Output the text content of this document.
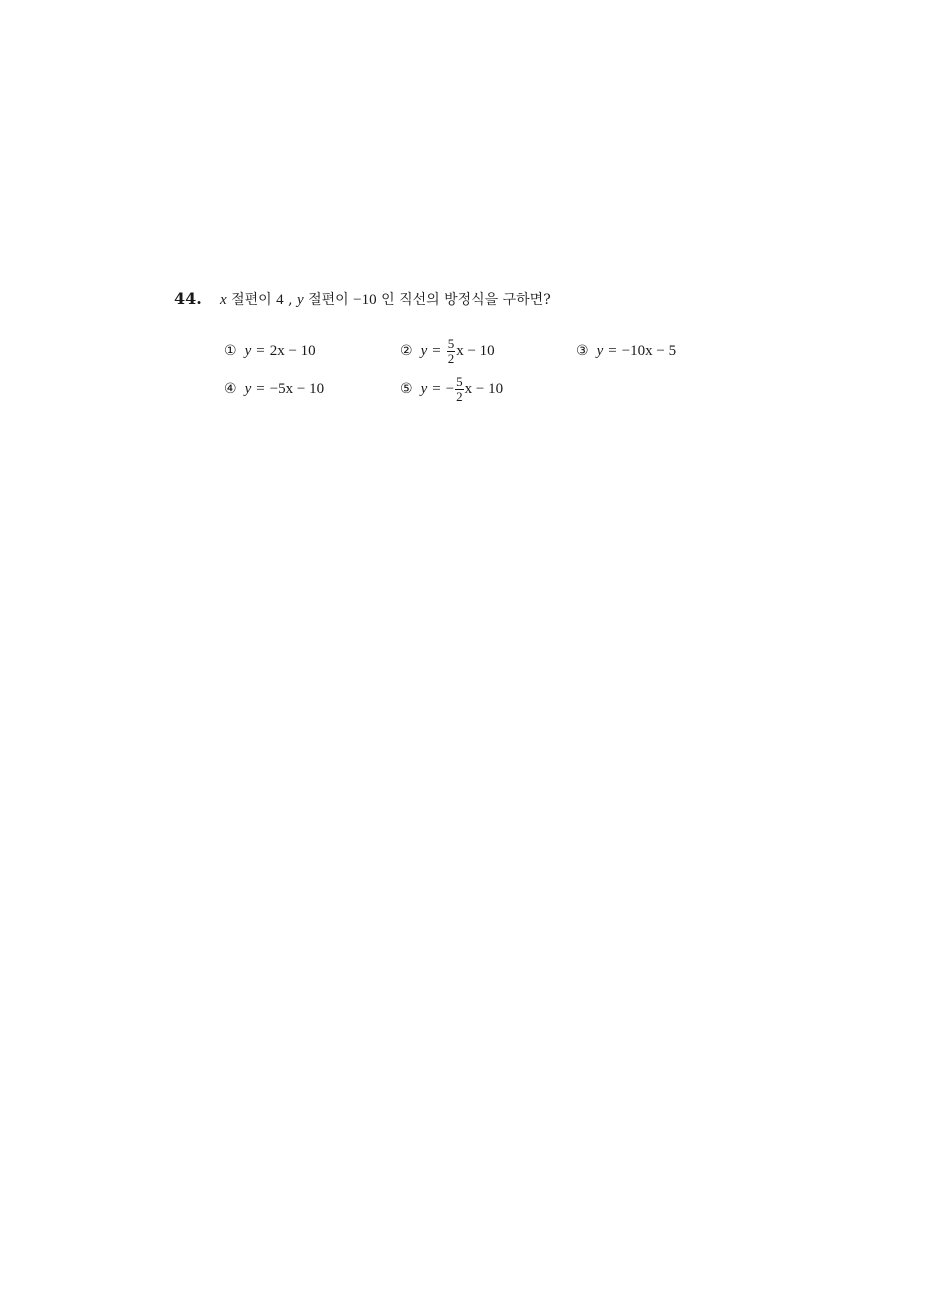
44. x 절편이 4 , y 절편이 −10 인 직선의 방정식을 구하면?
① y = 2x − 10	② $y = \frac{5}{2}$ x − 10	③ y = −10x − 5
④ y = −5x − 10	⑤ y = − $\frac{5}{2}$ x − 10
